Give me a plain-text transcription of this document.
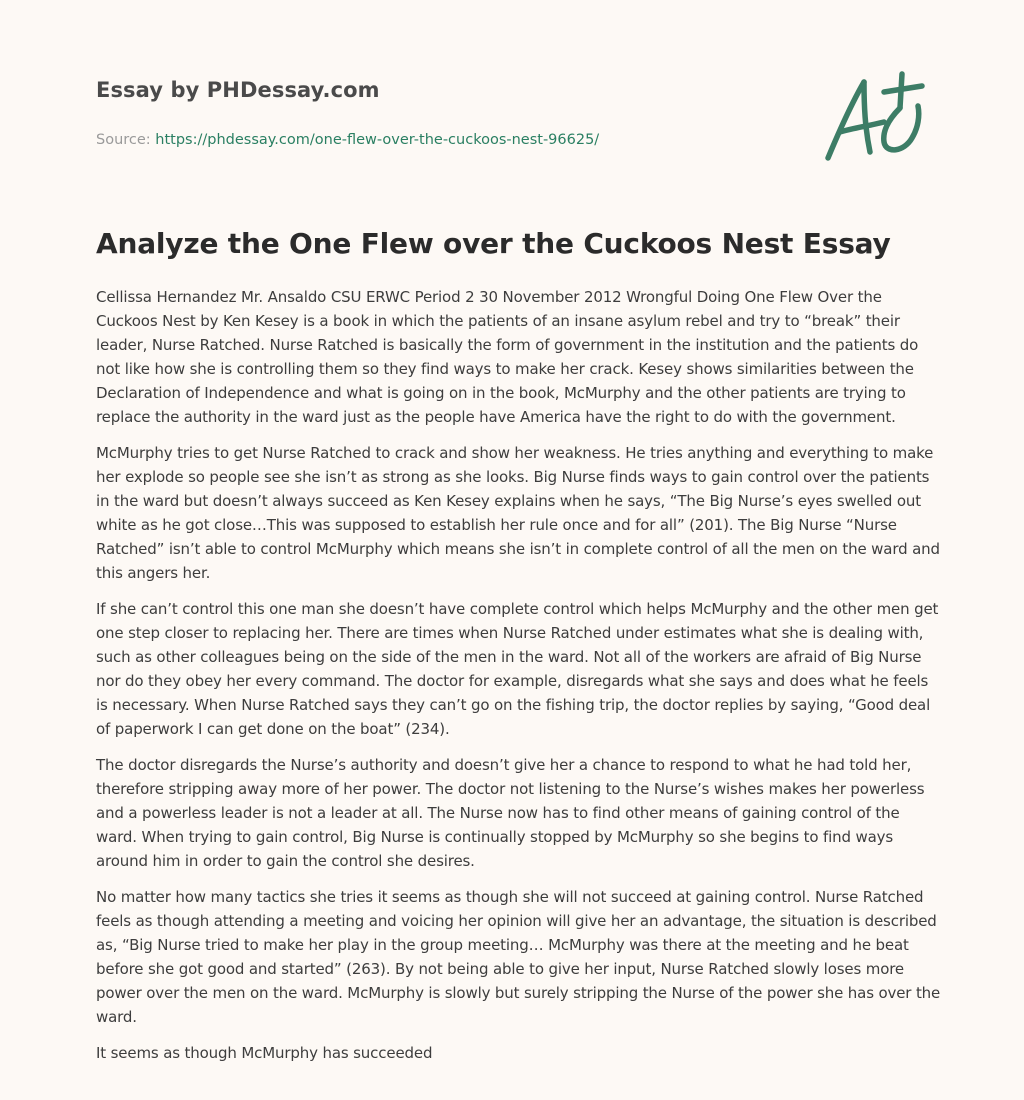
Essay by PHDessay.com
Source: https://phdessay.com/one-flew-over-the-cuckoos-nest-96625/
Analyze the One Flew over the Cuckoos Nest Essay

Cellissa Hernandez Mr. Ansaldo CSU ERWC Period 2 30 November 2012 Wrongful Doing One Flew Over the Cuckoos Nest by Ken Kesey is a book in which the patients of an insane asylum rebel and try to “break” their leader, Nurse Ratched. Nurse Ratched is basically the form of government in the institution and the patients do not like how she is controlling them so they find ways to make her crack. Kesey shows similarities between the Declaration of Independence and what is going on in the book, McMurphy and the other patients are trying to replace the authority in the ward just as the people have America have the right to do with the government.

McMurphy tries to get Nurse Ratched to crack and show her weakness. He tries anything and everything to make her explode so people see she isn’t as strong as she looks. Big Nurse finds ways to gain control over the patients in the ward but doesn’t always succeed as Ken Kesey explains when he says, “The Big Nurse’s eyes swelled out white as he got close…This was supposed to establish her rule once and for all” (201). The Big Nurse “Nurse Ratched” isn’t able to control McMurphy which means she isn’t in complete control of all the men on the ward and this angers her.

If she can’t control this one man she doesn’t have complete control which helps McMurphy and the other men get one step closer to replacing her. There are times when Nurse Ratched under estimates what she is dealing with, such as other colleagues being on the side of the men in the ward. Not all of the workers are afraid of Big Nurse nor do they obey her every command. The doctor for example, disregards what she says and does what he feels is necessary. When Nurse Ratched says they can’t go on the fishing trip, the doctor replies by saying, “Good deal of paperwork I can get done on the boat” (234).

The doctor disregards the Nurse’s authority and doesn’t give her a chance to respond to what he had told her, therefore stripping away more of her power. The doctor not listening to the Nurse’s wishes makes her powerless and a powerless leader is not a leader at all. The Nurse now has to find other means of gaining control of the ward. When trying to gain control, Big Nurse is continually stopped by McMurphy so she begins to find ways around him in order to gain the control she desires.

No matter how many tactics she tries it seems as though she will not succeed at gaining control. Nurse Ratched feels as though attending a meeting and voicing her opinion will give her an advantage, the situation is described as, “Big Nurse tried to make her play in the group meeting… McMurphy was there at the meeting and he beat before she got good and started” (263). By not being able to give her input, Nurse Ratched slowly loses more power over the men on the ward. McMurphy is slowly but surely stripping the Nurse of the power she has over the ward.

It seems as though McMurphy has succeeded
